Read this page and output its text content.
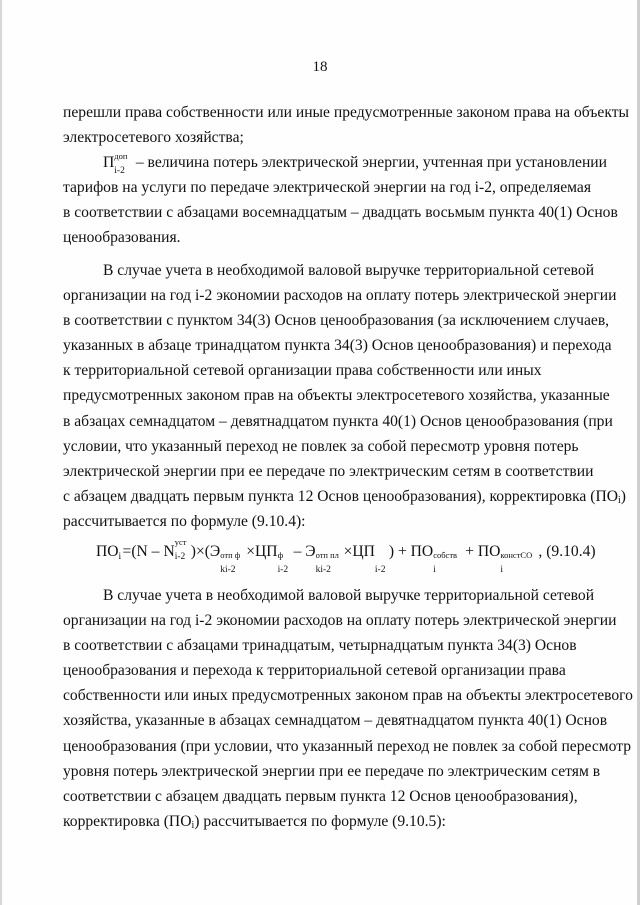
18
перешли права собственности или иные предусмотренные законом права на объекты
электросетевого хозяйства;
П доп
i-2 – величина потерь электрической энергии, учтенная при установлении
тарифов на услуги по передаче электрической энергии на год i-2, определяемая
в соответствии с абзацами восемнадцатым – двадцать восьмым пункта 40(1) Основ
ценообразования.
В случае учета в необходимой валовой выручке территориальной сетевой
организации на год i-2 экономии расходов на оплату потерь электрической энергии
в соответствии с пунктом 34(3) Основ ценообразования (за исключением случаев,
указанных в абзаце тринадцатом пункта 34(3) Основ ценообразования) и перехода
к территориальной сетевой организации права собственности или иных
предусмотренных законом прав на объекты электросетевого хозяйства, указанные
в абзацах семнадцатом – девятнадцатом пункта 40(1) Основ ценообразования (при
условии, что указанный переход не повлек за собой пересмотр уровня потерь
электрической энергии при ее передаче по электрическим сетям в соответствии
с абзацем двадцать первым пункта 12 Основ ценообразования), корректировка (ПО i )
рассчитывается по формуле (9.10.4):
ПО i =(N – N
уст
i-2 )×(Э отп ф
ki-2
×ЦП ф
i-2
– Э отп пл
ki-2
×ЦП
i-2
) + ПО собств
i
+ ПО констСО
i
, (9.10.4)
В случае учета в необходимой валовой выручке территориальной сетевой
организации на год i-2 экономии расходов на оплату потерь электрической энергии
в соответствии с абзацами тринадцатым, четырнадцатым пункта 34(3) Основ
ценообразования и перехода к территориальной сетевой организации права
собственности или иных предусмотренных законом прав на объекты электросетевого
хозяйства, указанные в абзацах семнадцатом – девятнадцатом пункта 40(1) Основ
ценообразования (при условии, что указанный переход не повлек за собой пересмотр
уровня потерь электрической энергии при ее передаче по электрическим сетям в
соответствии с абзацем двадцать первым пункта 12 Основ ценообразования),
корректировка (ПО i )
рассчитывается по формуле (9.10.5):
